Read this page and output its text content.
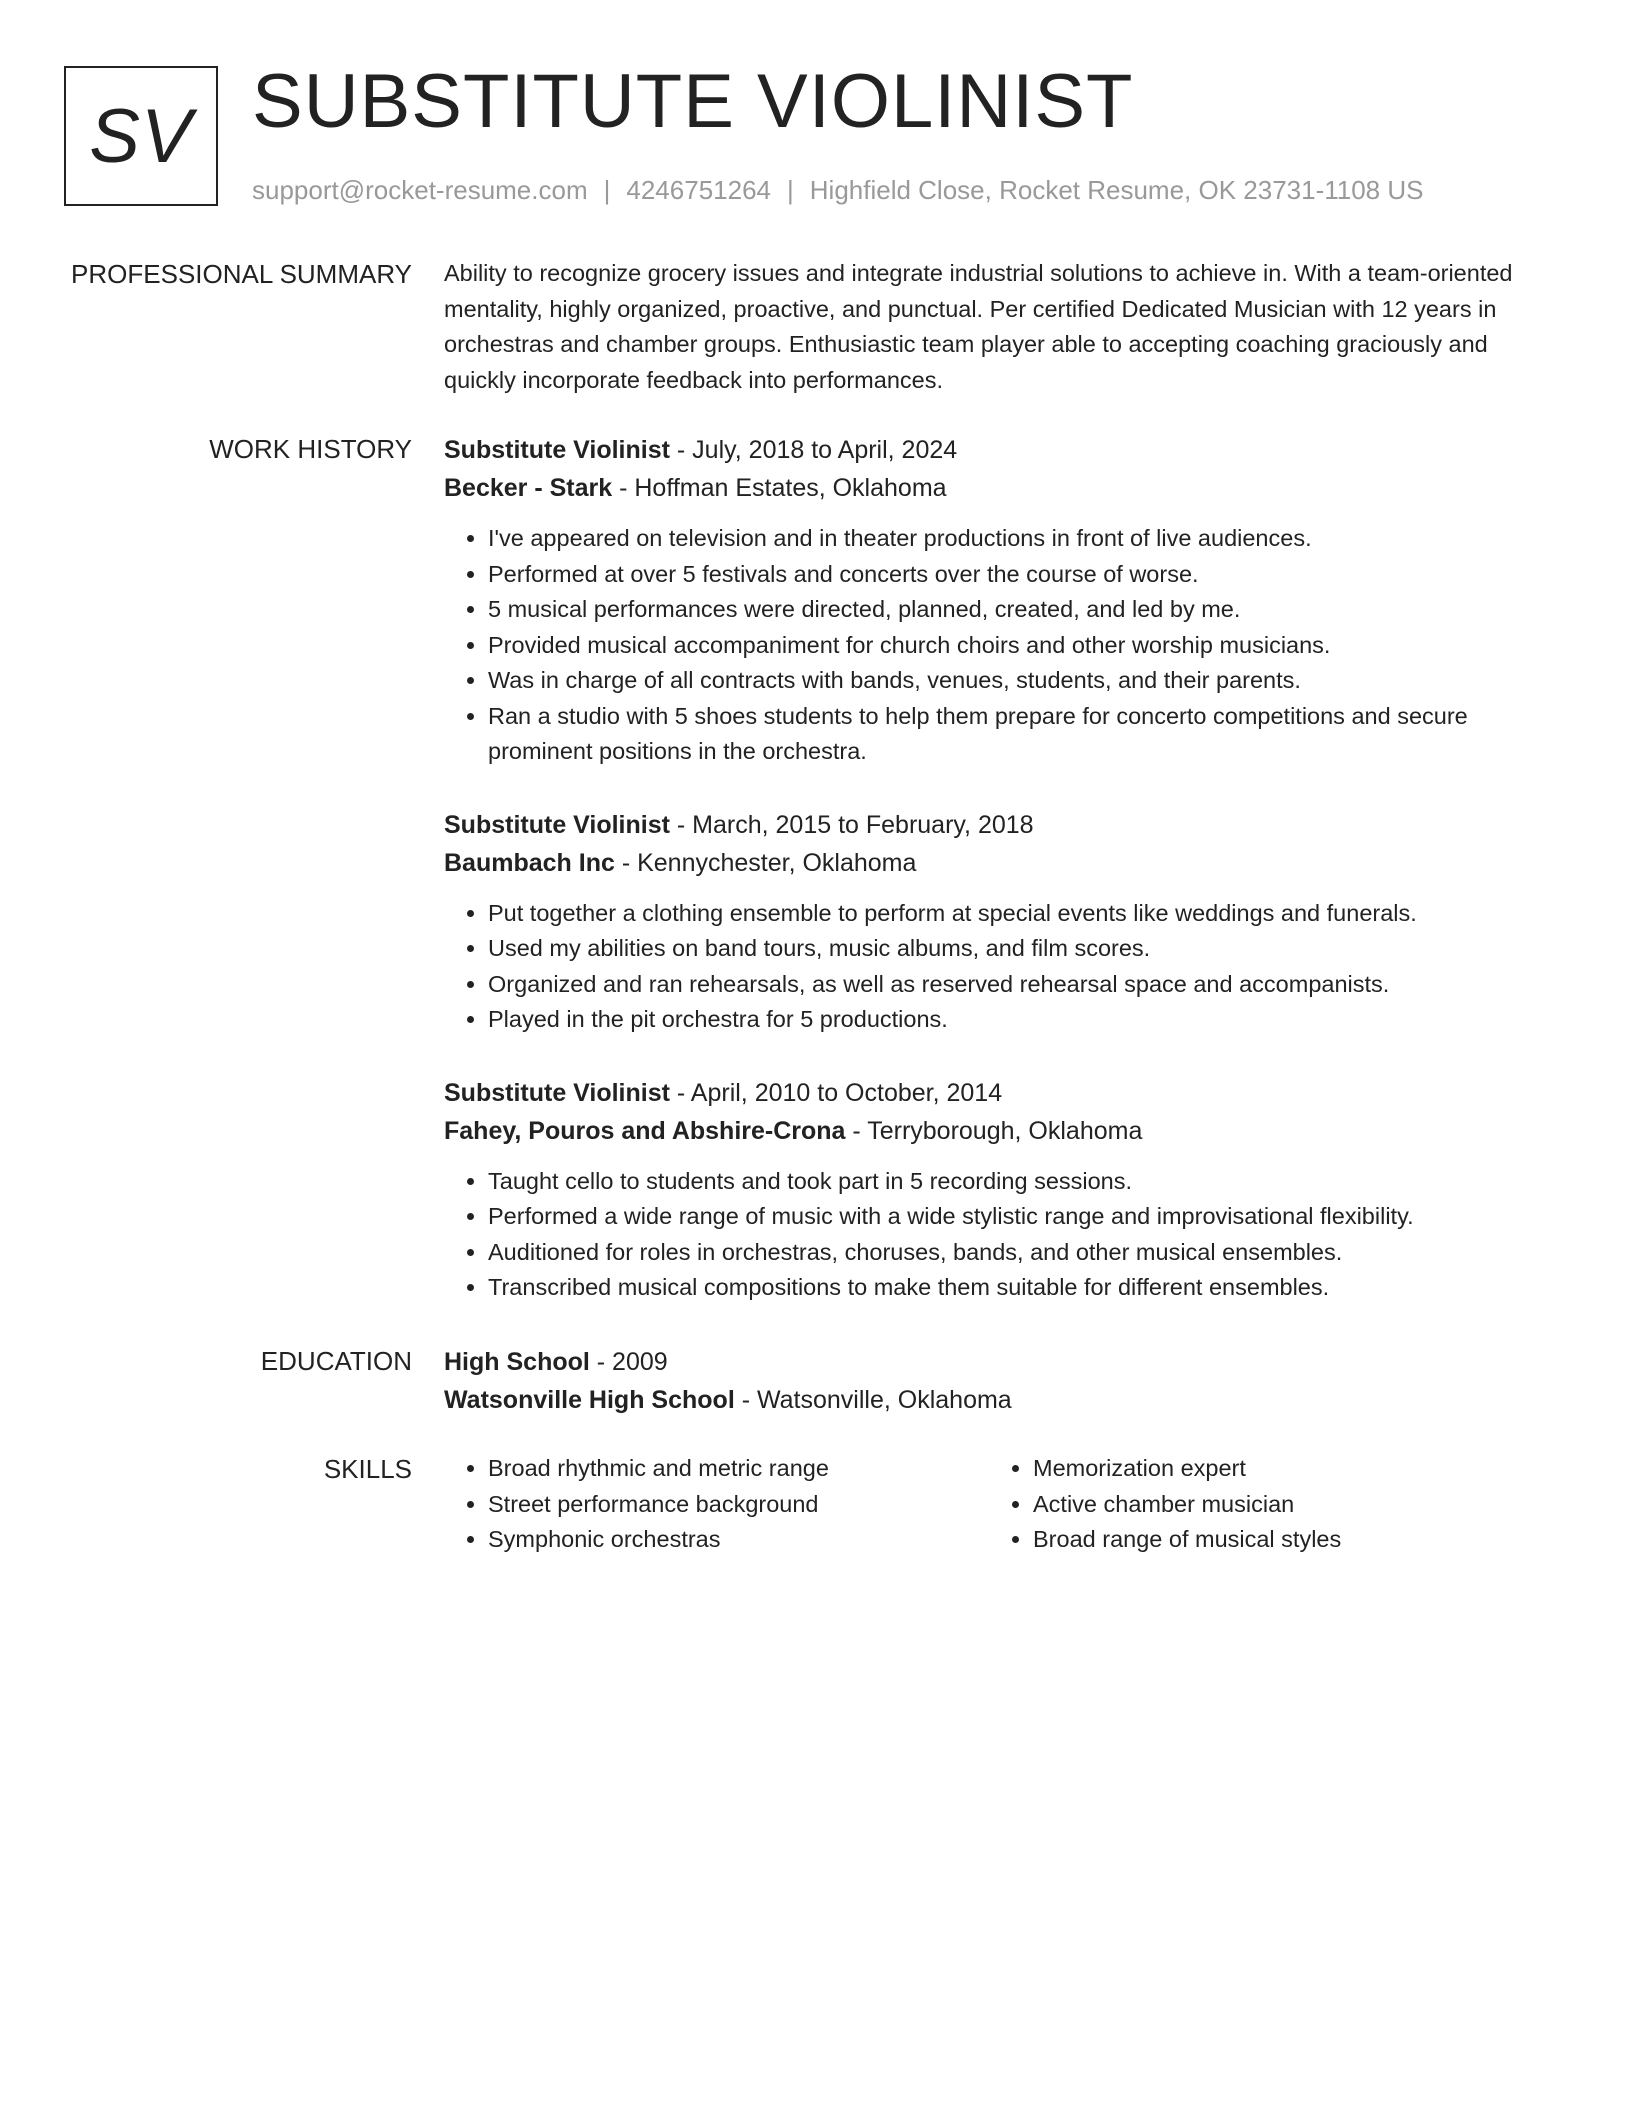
SV SUBSTITUTE VIOLINIST
support@rocket-resume.com | 4246751264 | Highfield Close, Rocket Resume, OK 23731-1108 US
PROFESSIONAL SUMMARY Ability to recognize grocery issues and integrate industrial solutions to achieve in. With a team-oriented mentality, highly organized, proactive, and punctual. Per certified Dedicated Musician with 12 years in orchestras and chamber groups. Enthusiastic team player able to accepting coaching graciously and quickly incorporate feedback into performances.

WORK HISTORY Substitute Violinist - July, 2018 to April, 2024
Becker - Stark - Hoffman Estates, Oklahoma
• I've appeared on television and in theater productions in front of live audiences.
• Performed at over 5 festivals and concerts over the course of worse.
• 5 musical performances were directed, planned, created, and led by me.
• Provided musical accompaniment for church choirs and other worship musicians.
• Was in charge of all contracts with bands, venues, students, and their parents.
• Ran a studio with 5 shoes students to help them prepare for concerto competitions and secure prominent positions in the orchestra.
Substitute Violinist - March, 2015 to February, 2018
Baumbach Inc - Kennychester, Oklahoma
• Put together a clothing ensemble to perform at special events like weddings and funerals.
• Used my abilities on band tours, music albums, and film scores.
• Organized and ran rehearsals, as well as reserved rehearsal space and accompanists.
• Played in the pit orchestra for 5 productions.
Substitute Violinist - April, 2010 to October, 2014
Fahey, Pouros and Abshire-Crona - Terryborough, Oklahoma
• Taught cello to students and took part in 5 recording sessions.
• Performed a wide range of music with a wide stylistic range and improvisational flexibility.
• Auditioned for roles in orchestras, choruses, bands, and other musical ensembles.
• Transcribed musical compositions to make them suitable for different ensembles.
EDUCATION High School - 2009
Watsonville High School - Watsonville, Oklahoma
SKILLS
•	Broad rhythmic and metric range
• Street performance background
• Symphonic orchestras
• Memorization expert
• Active chamber musician
• Broad range of musical styles
